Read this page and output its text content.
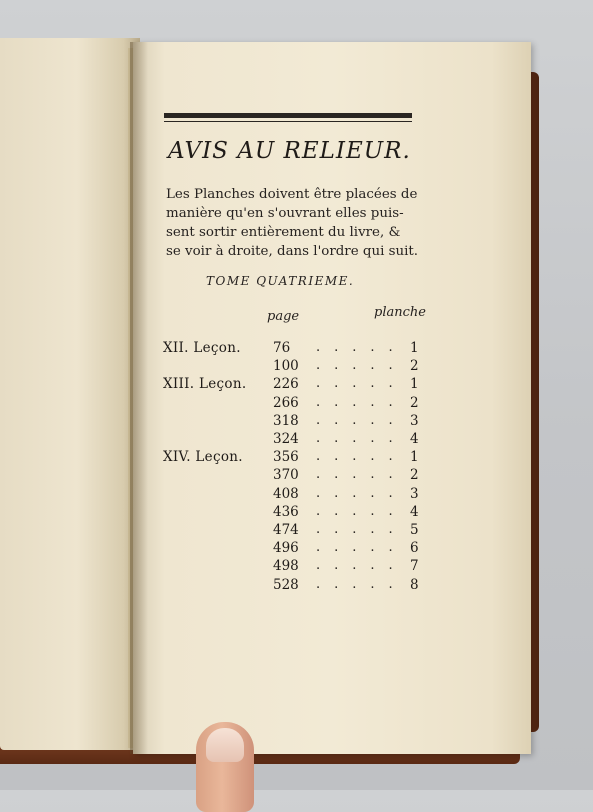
AVIS AU RELIEUR.
Les Planches doivent être placées de
manière qu'en s'ouvrant elles puis-
sent sortir entièrement du livre, &
se voir à droite, dans l'ordre qui suit.
TOME QUATRIEME.
page	planche
XII. Leçon. 76 ..... 1
100 ..... 2
XIII. Leçon. 226 ..... 1
266 ..... 2
318 ..... 3
324 ..... 4
XIV. Leçon. 356 ..... 1
370 ..... 2
408 ..... 3
436 ..... 4
474 ..... 5
496 ..... 6
498 ..... 7
528 ..... 8
